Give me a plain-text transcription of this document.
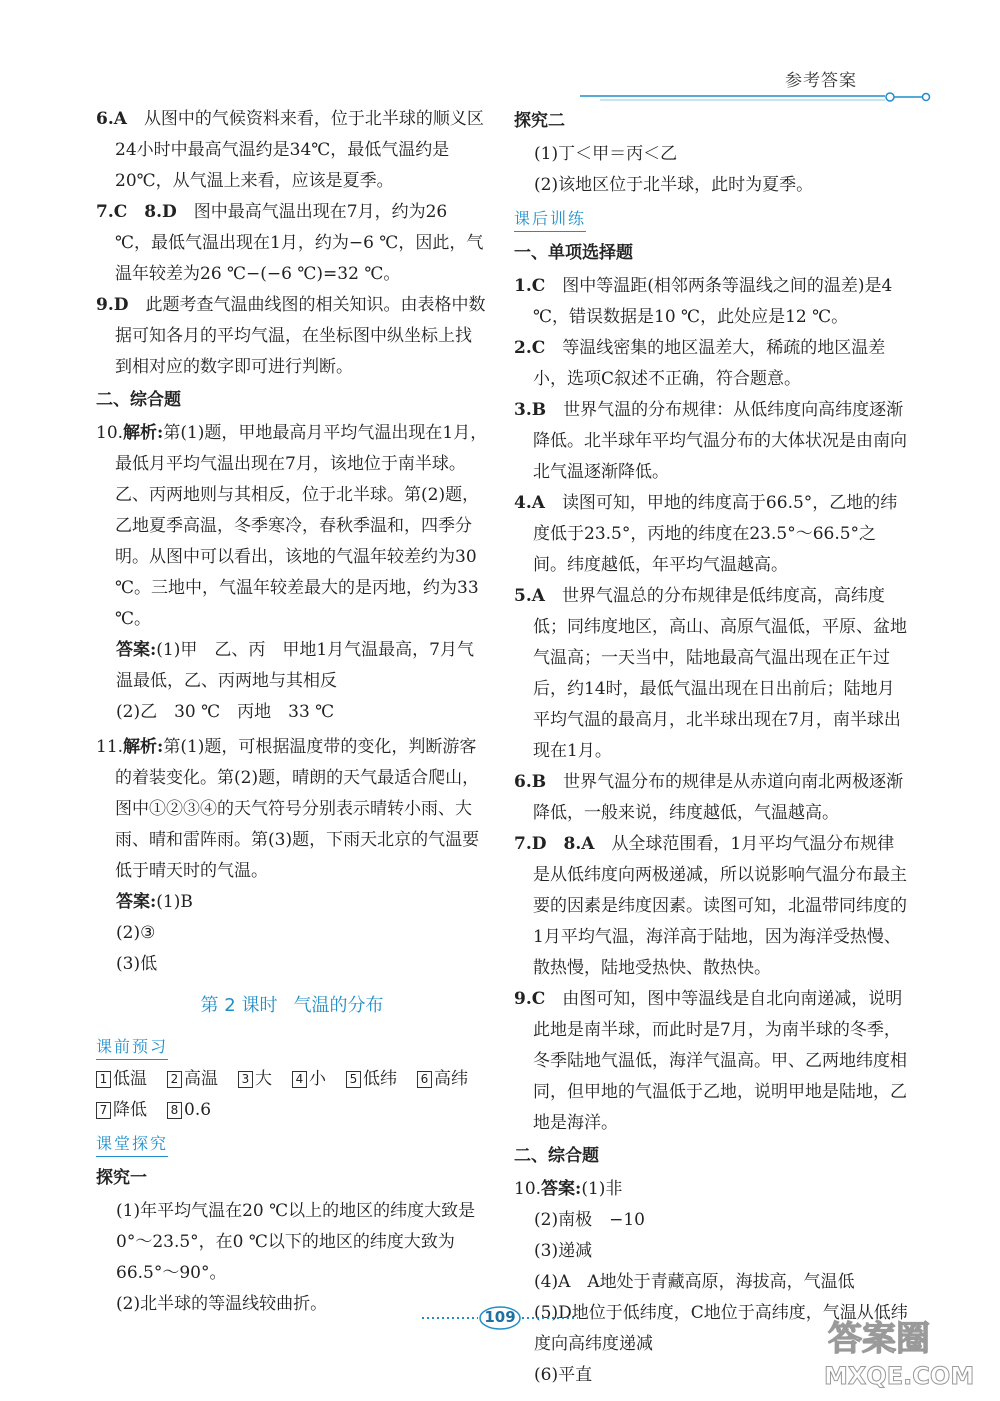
参考答案

6.A　 从图中的气候资料来看，位于北半球的顺义区24小时中最高气温约是34℃，最低气温约是20℃，从气温上来看，应该是夏季。

7.C　 8.D　 图中最高气温出现在7月，约为26 ℃，最低气温出现在1月，约为−6 ℃，因此，气温年较差为26 ℃−(−6 ℃)=32 ℃。

9.D　 此题考查气温曲线图的相关知识。由表格中数据可知各月的平均气温，在坐标图中纵坐标上找到相对应的数字即可进行判断。

二、综合题

10.解析:第(1)题，甲地最高月平均气温出现在1月，最低月平均气温出现在7月，该地位于南半球。乙、丙两地则与其相反，位于北半球。第(2)题，乙地夏季高温，冬季寒冷，春秋季温和，四季分明。从图中可以看出，该地的气温年较差约为30 ℃。三地中，气温年较差最大的是丙地，约为33 ℃。

答案:(1)甲　乙、丙　甲地1月气温最高，7月气温最低，乙、丙两地与其相反

(2)乙　30 ℃　丙地　33 ℃

11.解析:第(1)题，可根据温度带的变化，判断游客的着装变化。第(2)题，晴朗的天气最适合爬山，图中①②③④的天气符号分别表示晴转小雨、大雨、晴和雷阵雨。第(3)题，下雨天北京的气温要低于晴天时的气温。

答案:(1)B

(2)③

(3)低

第 2 课时 气温的分布
课前预习
1 低温 2 高温 3 大 4 小 5 低纬 6 高纬
7 降低 8 0.6
课堂探究

探究一

(1)年平均气温在20 ℃以上的地区的纬度大致是0°～23.5°，在0 ℃以下的地区的纬度大致为66.5°～90°。

(2)北半球的等温线较曲折。

探究二

(1)丁＜甲＝丙＜乙

(2)该地区位于北半球，此时为夏季。

课后训练

一、单项选择题

1.C　 图中等温距(相邻两条等温线之间的温差)是4 ℃，错误数据是10 ℃，此处应是12 ℃。

2.C　 等温线密集的地区温差大，稀疏的地区温差小，选项C叙述不正确，符合题意。

3.B　 世界气温的分布规律：从低纬度向高纬度逐渐降低。北半球年平均气温分布的大体状况是由南向北气温逐渐降低。

4.A　 读图可知，甲地的纬度高于66.5°，乙地的纬度低于23.5°，丙地的纬度在23.5°～66.5°之间。纬度越低，年平均气温越高。

5.A　 世界气温总的分布规律是低纬度高，高纬度低；同纬度地区，高山、高原气温低，平原、盆地气温高；一天当中，陆地最高气温出现在正午过后，约14时，最低气温出现在日出前后；陆地月平均气温的最高月，北半球出现在7月，南半球出现在1月。

6.B　 世界气温分布的规律是从赤道向南北两极逐渐降低，一般来说，纬度越低，气温越高。

7.D　 8.A　 从全球范围看，1月平均气温分布规律是从低纬度向两极递减，所以说影响气温分布最主要的因素是纬度因素。读图可知，北温带同纬度的1月平均气温，海洋高于陆地，因为海洋受热慢、散热慢，陆地受热快、散热快。

9.C　 由图可知，图中等温线是自北向南递减，说明此地是南半球，而此时是7月，为南半球的冬季，冬季陆地气温低，海洋气温高。甲、乙两地纬度相同，但甲地的气温低于乙地，说明甲地是陆地，乙地是海洋。

二、综合题

10.答案:(1)非

(2)南极　−10

(3)递减

(4)A　A地处于青藏高原，海拔高，气温低

(5)D地位于低纬度，C地位于高纬度，气温从低纬度向高纬度递减

(6)平直

109
答案圈
MXQE.COM
